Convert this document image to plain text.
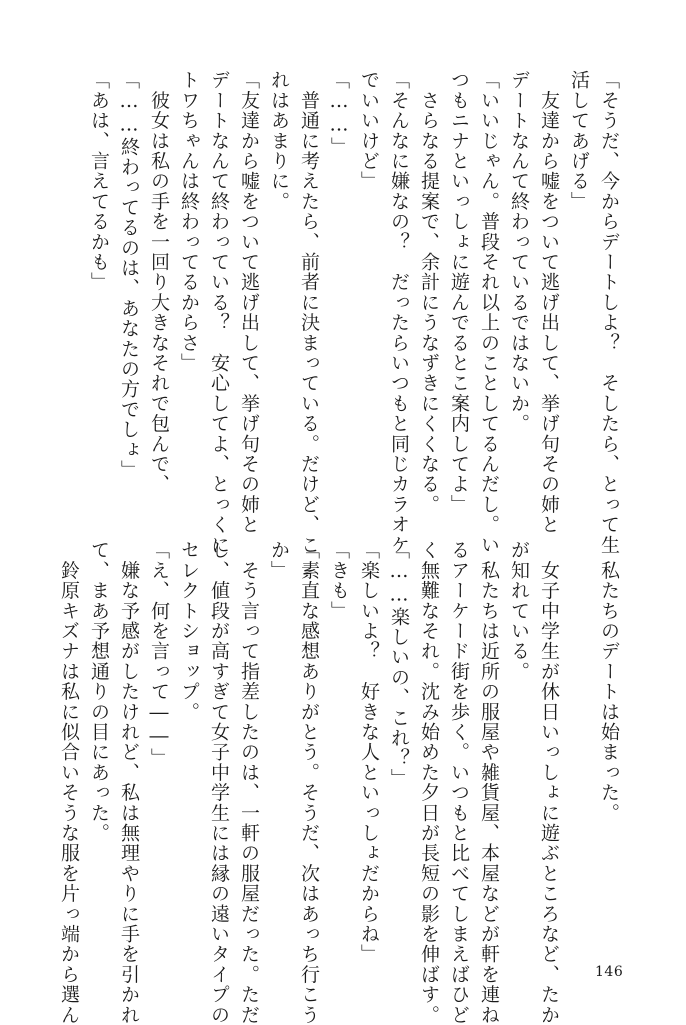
「そうだ、今からデートしよ？　そしたら、とって生
活してあげる」
　友達から嘘をついて逃げ出して、挙げ句その姉と
デートなんて終わっているではないか。
「いいじゃん。普段それ以上のことしてるんだし。い
つもニナといっしょに遊んでるとこ案内してよ」
　さらなる提案で、余計にうなずきにくくなる。
「そんなに嫌なの？　だったらいつもと同じカラオケ
でいいけど」
「……」
　普通に考えたら、前者に決まっている。だけど、こ
れはあまりに。
「友達から嘘をついて逃げ出して、挙げ句その姉と
デートなんて終わっている？　安心してよ、とっくに
トワちゃんは終わってるからさ」
　彼女は私の手を一回り大きなそれで包んで、
「……終わってるのは、あなたの方でしょ」
「あは、言えてるかも」
　私たちのデートは始まった。
　女子中学生が休日いっしょに遊ぶところなど、たか
が知れている。
　私たちは近所の服屋や雑貨屋、本屋などが軒を連ね
るアーケード街を歩く。いつもと比べてしまえばひど
く無難なそれ。沈み始めた夕日が長短の影を伸ばす。
「……楽しいの、これ？」
「楽しいよ？　好きな人といっしょだからね」
「きも」
「素直な感想ありがとう。そうだ、次はあっち行こう
か」
　そう言って指差したのは、一軒の服屋だった。ただ
し、値段が高すぎて女子中学生には縁の遠いタイプの
セレクトショップ。
「え、何を言って――」
　嫌な予感がしたけれど、私は無理やりに手を引かれ
て、まあ予想通りの目にあった。
　鈴原キズナは私に似合いそうな服を片っ端から選ん	146
